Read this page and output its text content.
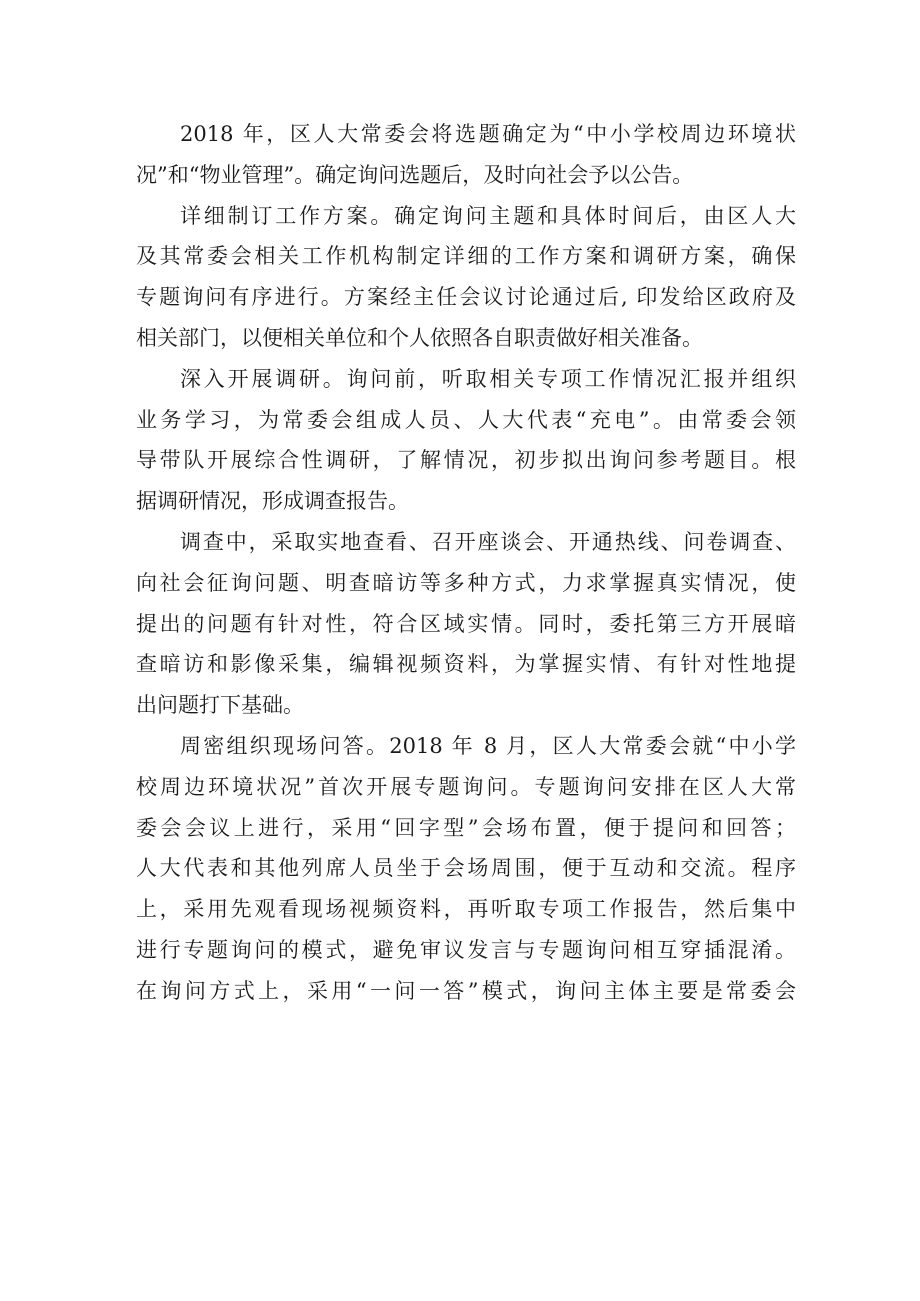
2018 年，区人大常委会将选题确定为“中小学校周边环境状
况”和“物业管理”。确定询问选题后，及时向社会予以公告。
详细制订工作方案。确定询问主题和具体时间后，由区人大
及其常委会相关工作机构制定详细的工作方案和调研方案，确保
专题询问有序进行。方案经主任会议讨论通过后, 印发给区政府及
相关部门，以便相关单位和个人依照各自职责做好相关准备。
深入开展调研。询问前，听取相关专项工作情况汇报并组织
业务学习，为常委会组成人员、人大代表“充电”。由常委会领
导带队开展综合性调研，了解情况，初步拟出询问参考题目。根
据调研情况，形成调查报告。
调查中，采取实地查看、召开座谈会、开通热线、问卷调查、
向社会征询问题、明查暗访等多种方式，力求掌握真实情况，使
提出的问题有针对性，符合区域实情。同时，委托第三方开展暗
查暗访和影像采集，编辑视频资料，为掌握实情、有针对性地提
出问题打下基础。
周密组织现场问答。2018 年 8 月，区人大常委会就“中小学
校周边环境状况”首次开展专题询问。专题询问安排在区人大常
委会会议上进行，采用“回字型”会场布置，便于提问和回答；
人大代表和其他列席人员坐于会场周围，便于互动和交流。程序
上，采用先观看现场视频资料，再听取专项工作报告，然后集中
进行专题询问的模式，避免审议发言与专题询问相互穿插混淆。
在询问方式上，采用“一问一答”模式，询问主体主要是常委会
